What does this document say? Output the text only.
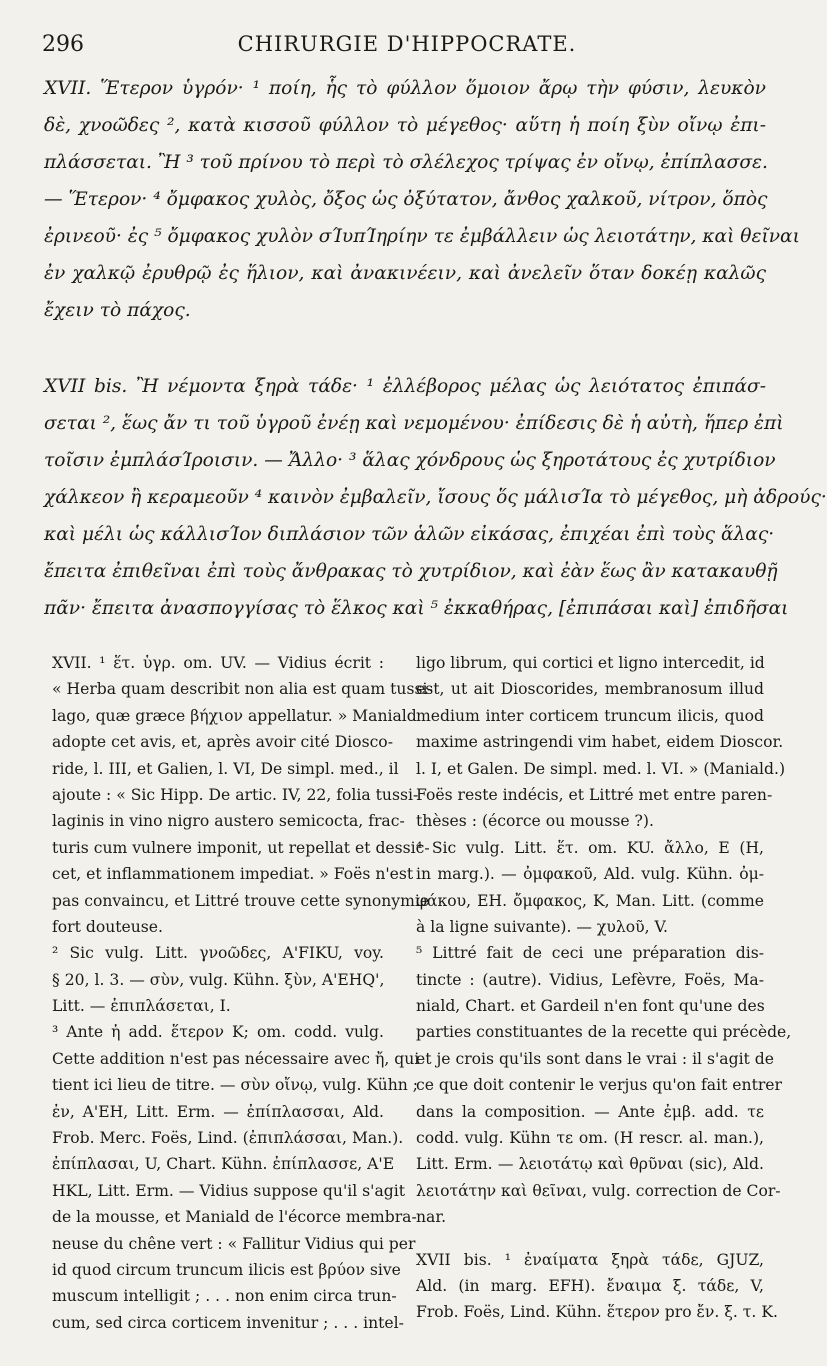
296	CHIRURGIE D'HIPPOCRATE.
XVII. Ἕτερον ὑγρόν· ¹ ποίη, ἧς τὸ φύλλον ὅμοιον ἄρῳ τὴν φύσιν, λευκὸν
δὲ, χνοῶδες ², κατὰ κισσοῦ φύλλον τὸ μέγεθος· αὕτη ἡ ποίη ξὺν οἴνῳ ἐπι-
πλάσσεται. Ἢ ³ τοῦ πρίνου τὸ περὶ τὸ σλέλεχος τρίψας ἐν οἴνῳ, ἐπίπλασσε.
— Ἕτερον· ⁴ ὄμφακος χυλὸς, ὄξος ὡς ὀξύτατον, ἄνθος χαλκοῦ, νίτρον, ὅπὸς
ἐρινεοῦ· ἐς ⁵ ὄμφακος χυλὸν σΊυπΊηρίην τε ἐμβάλλειν ὡς λειοτάτην, καὶ θεῖναι
ἐν χαλκῷ ἐρυθρῷ ἐς ἥλιον, καὶ ἀνακινέειν, καὶ ἀνελεῖν ὅταν δοκέῃ καλῶς
ἔχειν τὸ πάχος.
XVII bis. Ἢ νέμοντα ξηρὰ τάδε· ¹ ἐλλέβορος μέλας ὡς λειότατος ἐπιπάσ-
σεται ², ἕως ἄν τι τοῦ ὑγροῦ ἐνέῃ καὶ νεμομένου· ἐπίδεσις δὲ ἡ αὐτὴ, ἥπερ ἐπὶ
τοῖσιν ἐμπλάσΊροισιν. — Ἄλλο· ³ ἅλας χόνδρους ὡς ξηροτάτους ἐς χυτρίδιον
χάλκεον ἢ κεραμεοῦν ⁴ καινὸν ἐμβαλεῖν, ἴσους ὅς μάλισΊα τὸ μέγεθος, μὴ ἀδρούς·
καὶ μέλι ὡς κάλλισΊον διπλάσιον τῶν ἁλῶν εἰκάσας, ἐπιχέαι ἐπὶ τοὺς ἅλας·
ἔπειτα ἐπιθεῖναι ἐπὶ τοὺς ἄνθρακας τὸ χυτρίδιον, καὶ ἐὰν ἕως ἂν κατακαυθῇ
πᾶν· ἔπειτα ἀνασπογγίσας τὸ ἕλκος καὶ ⁵ ἐκκαθήρας, [ἐπιπάσαι καὶ] ἐπιδῆσαι
XVII. ¹ ἕτ. ὑγρ. om. UV. — Vidius écrit :
« Herba quam describit non alia est quam tussi-
lago, quæ græce βήχιον appellatur. » Maniald
adopte cet avis, et, après avoir cité Diosco-
ride, l. III, et Galien, l. VI, De simpl. med., il
ajoute : « Sic Hipp. De artic. IV, 22, folia tussi-
laginis in vino nigro austero semicocta, frac-
turis cum vulnere imponit, ut repellat et dessic-
cet, et inflammationem impediat. » Foës n'est
pas convaincu, et Littré trouve cette synonymie
fort douteuse.
² Sic vulg. Litt. γνοῶδες, A'FIKU, voy.
§ 20, l. 3. — σὺν, vulg. Kühn. ξὺν, A'EHQ',
Litt. — ἐπιπλάσεται, I.
³ Ante ἡ add. ἕτερον K; om. codd. vulg.
Cette addition n'est pas nécessaire avec ἤ, qui
tient ici lieu de titre. — σὺν οἴνῳ, vulg. Kühn ;
ἐν, A'EH, Litt. Erm. — ἐπίπλασσαι, Ald.
Frob. Merc. Foës, Lind. (ἐπιπλάσσαι, Man.).
ἐπίπλασαι, U, Chart. Kühn. ἐπίπλασσε, A'E
HKL, Litt. Erm. — Vidius suppose qu'il s'agit
de la mousse, et Maniald de l'écorce membra-
neuse du chêne vert : « Fallitur Vidius qui per
id quod circum truncum ilicis est βρύον sive
muscum intelligit ; . . . non enim circa trun-
cum, sed circa corticem invenitur ; . . . intel-
ligo librum, qui cortici et ligno intercedit, id
est, ut ait Dioscorides, membranosum illud
medium inter corticem truncum ilicis, quod
maxime astringendi vim habet, eidem Dioscor.
l. I, et Galen. De simpl. med. l. VI. » (Maniald.)
Foës reste indécis, et Littré met entre paren-
thèses : (écorce ou mousse ?).
⁴ Sic vulg. Litt. ἕτ. om. KU. ἄλλο, E (H,
in marg.). — ὀμφακοῦ, Ald. vulg. Kühn. ὀμ-
φάκου, EH. ὄμφακος, K, Man. Litt. (comme
à la ligne suivante). — χυλοῦ, V.
⁵ Littré fait de ceci une préparation dis-
tincte : (autre). Vidius, Lefèvre, Foës, Ma-
niald, Chart. et Gardeil n'en font qu'une des
parties constituantes de la recette qui précède,
et je crois qu'ils sont dans le vrai : il s'agit de
ce que doit contenir le verjus qu'on fait entrer
dans la composition. — Ante ἐμβ. add. τε
codd. vulg. Kühn τε om. (H rescr. al. man.),
Litt. Erm. — λειοτάτῳ καὶ θρῦναι (sic), Ald.
λειοτάτην καὶ θεῖναι, vulg. correction de Cor-
nar.
XVII bis. ¹ ἐναίματα ξηρὰ τάδε, GJUZ,
Ald. (in marg. EFH). ἔναιμα ξ. τάδε, V,
Frob. Foës, Lind. Kühn. ἕτερον pro ἔν. ξ. τ. K.
